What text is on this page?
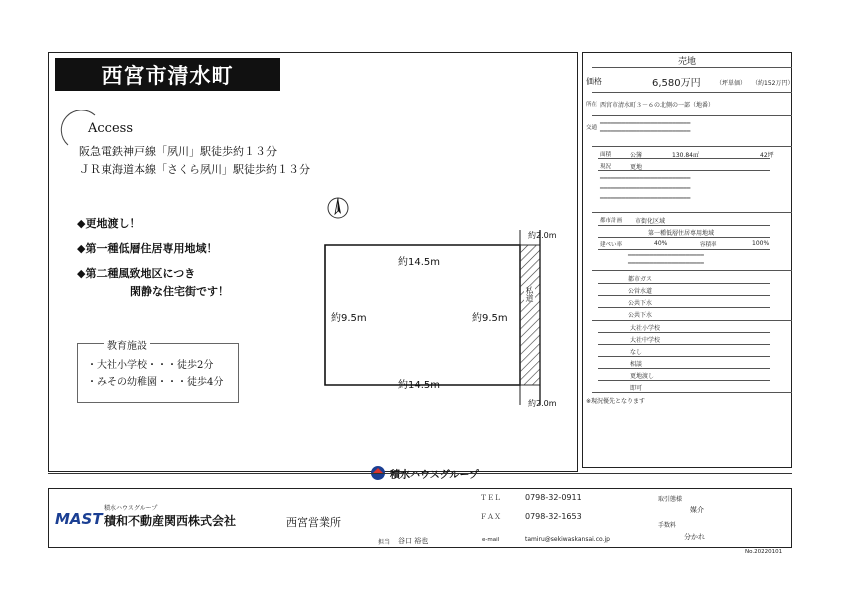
西宮市清水町
Access
阪急電鉄神戸線「夙川」駅徒歩約１３分
ＪＲ東海道本線「さくら夙川」駅徒歩約１３分
◆更地渡し！
◆第一種低層住居専用地域！
◆第二種風致地区につき
閑静な住宅街です！
教育施設
・大社小学校・・・徒歩2分
・みその幼稚園・・・徒歩4分
約14.5m
約14.5m
約9.5m	約9.5m
約2.0m
約2.0m
私道
積水ハウスグループ
売地
価格	6,580万円	（坪単価） （約152万円）
所在 西宮市清水町３－６の北側の一部（地番）
交通
━━━━━━━━━━━━━━━━━━━━━━━━━
━━━━━━━━━━━━━━━━━━━━━━━━━
面積	公簿	130.84㎡	42坪
現況	更地
━━━━━━━━━━━━━━━━━━━━━━━━━
━━━━━━━━━━━━━━━━━━━━━━━━━
━━━━━━━━━━━━━━━━━━━━━━━━━
都市計画 市街化区域
第一種低層住居専用地域
建ぺい率	40%	容積率	100%
━━━━━━━━━━━━━━━━━━━━━
━━━━━━━━━━━━━━━━━━━━━
都市ガス
公営水道
公共下水
公共下水
大社小学校
大社中学校
なし
相談
更地渡し
即可
※現況優先となります
積水ハウスグループ
MAST 積和不動産関西株式会社	西宮営業所
担当 谷口 裕也
ＴＥＬ	0798-32-0911
ＦＡＸ	0798-32-1653
e-mail	tamiru@sekiwaskansai.co.jp
取引態様
媒介
手数料
分かれ
No.20220101
